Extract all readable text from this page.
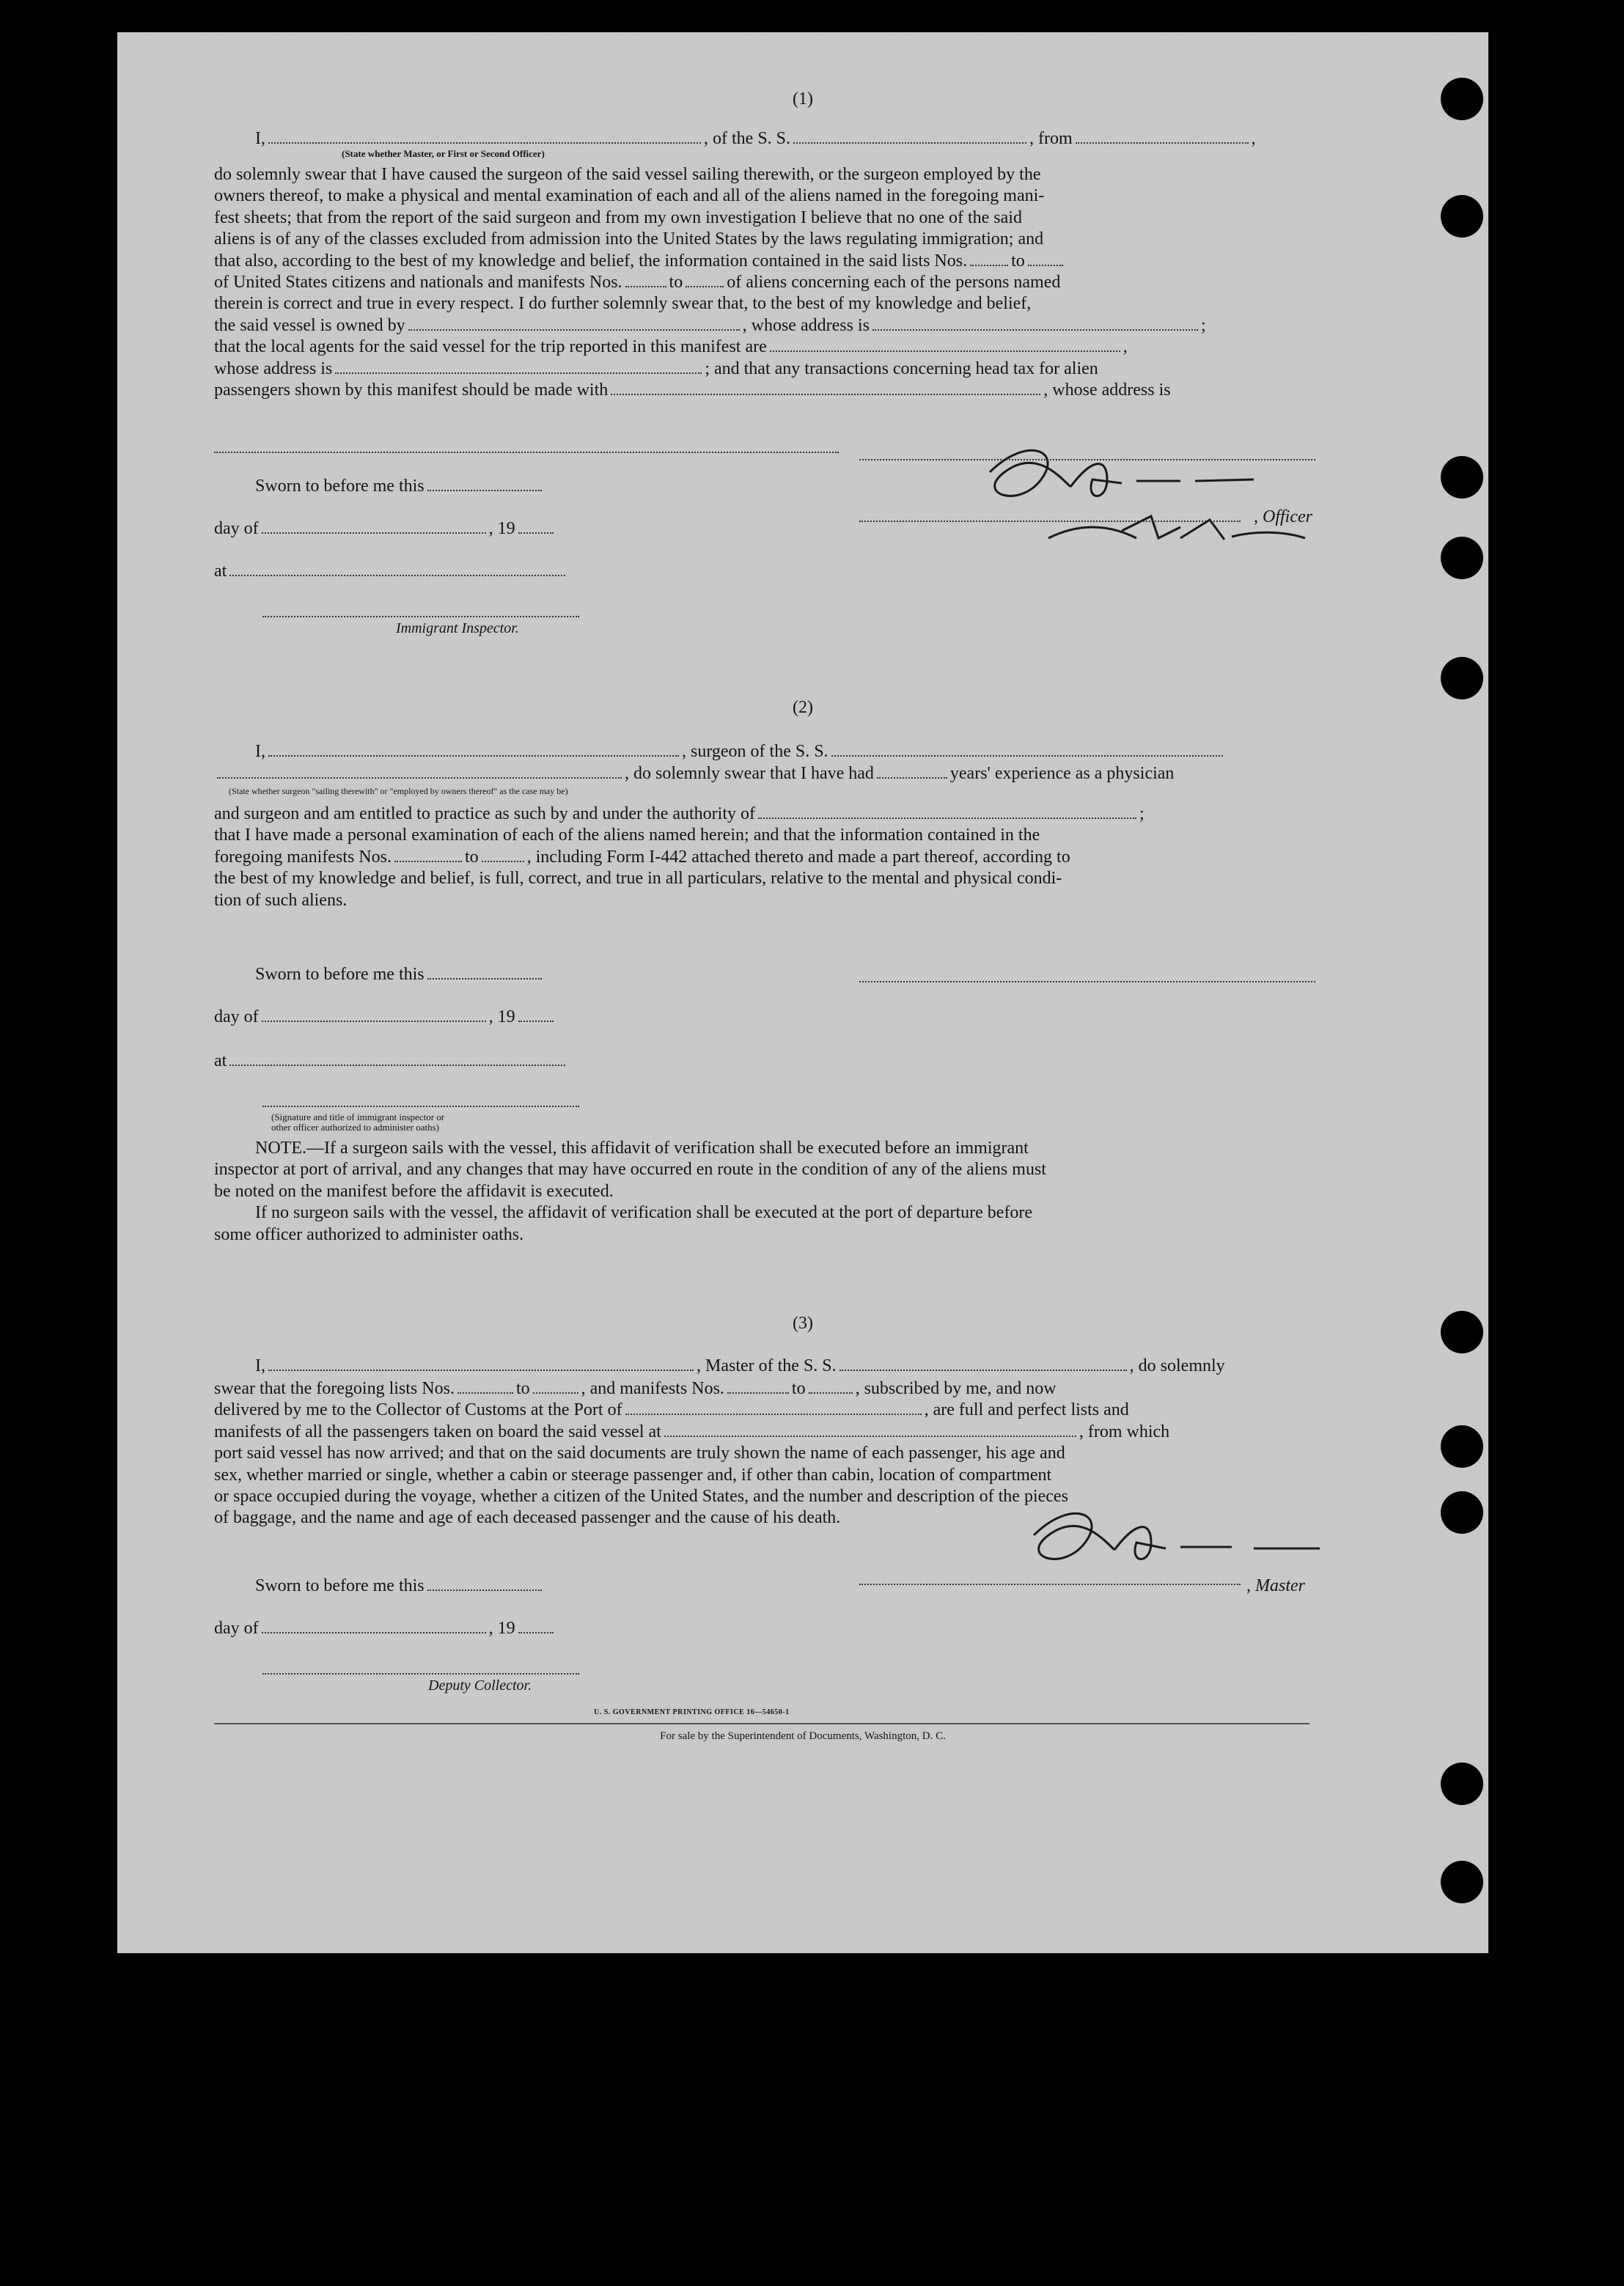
(1)
I,	, of the S. S.	, from	,
(State whether Master, or First or Second Officer)
do solemnly swear that I have caused the surgeon of the said vessel sailing therewith, or the surgeon employed by the
owners thereof, to make a physical and mental examination of each and all of the aliens named in the foregoing mani-
fest sheets; that from the report of the said surgeon and from my own investigation I believe that no one of the said
aliens is of any of the classes excluded from admission into the United States by the laws regulating immigration; and
that also, according to the best of my knowledge and belief, the information contained in the said lists Nos.	to
of United States citizens and nationals and manifests Nos.	to	of aliens concerning each of the persons named
therein is correct and true in every respect. I do further solemnly swear that, to the best of my knowledge and belief,
the said vessel is owned by	, whose address is	;
that the local agents for the said vessel for the trip reported in this manifest are	,
whose address is	; and that any transactions concerning head tax for alien
passengers shown by this manifest should be made with	, whose address is
Sworn to before me this
day of	, 19
at
Immigrant Inspector.
, Officer
(2)
I,	, surgeon of the S. S.
, do solemnly swear that I have had	years' experience as a physician
(State whether surgeon "sailing therewith" or "employed by owners thereof" as the case may be)
and surgeon and am entitled to practice as such by and under the authority of	;
that I have made a personal examination of each of the aliens named herein; and that the information contained in the
foregoing manifests Nos.	to	, including Form I-442 attached thereto and made a part thereof, according to
the best of my knowledge and belief, is full, correct, and true in all particulars, relative to the mental and physical condi-
tion of such aliens.
Sworn to before me this
day of	, 19
at
(Signature and title of immigrant inspector or
other officer authorized to administer oaths)
NOTE.—If a surgeon sails with the vessel, this affidavit of verification shall be executed before an immigrant
inspector at port of arrival, and any changes that may have occurred en route in the condition of any of the aliens must
be noted on the manifest before the affidavit is executed.
If no surgeon sails with the vessel, the affidavit of verification shall be executed at the port of departure before
some officer authorized to administer oaths.
(3)
I,	, Master of the S. S.	, do solemnly
swear that the foregoing lists Nos.	to	, and manifests Nos.	to	, subscribed by me, and now
delivered by me to the Collector of Customs at the Port of	, are full and perfect lists and
manifests of all the passengers taken on board the said vessel at	, from which
port said vessel has now arrived; and that on the said documents are truly shown the name of each passenger, his age and
sex, whether married or single, whether a cabin or steerage passenger and, if other than cabin, location of compartment
or space occupied during the voyage, whether a citizen of the United States, and the number and description of the pieces
of baggage, and the name and age of each deceased passenger and the cause of his death.
Sworn to before me this	, Master
day of	, 19
Deputy Collector.
U. S. GOVERNMENT PRINTING OFFICE 16—54650-1
For sale by the Superintendent of Documents, Washington, D. C.
